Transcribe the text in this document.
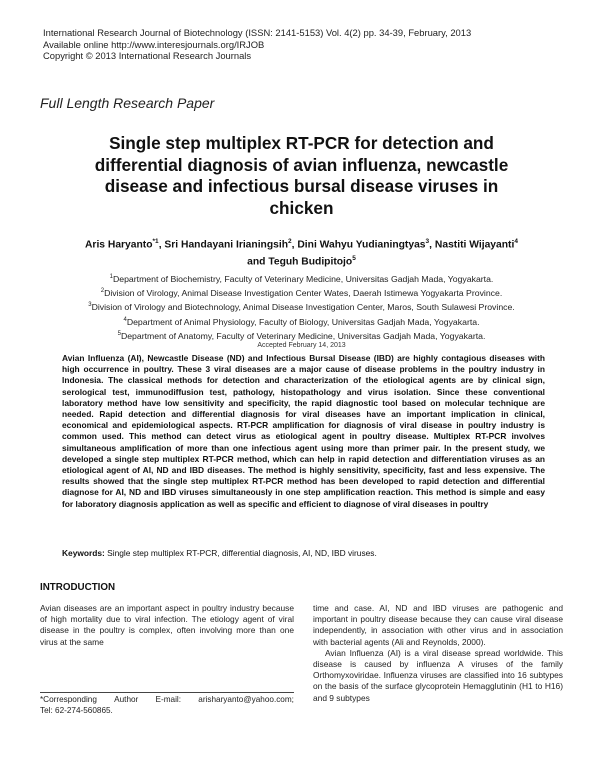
International Research Journal of Biotechnology (ISSN: 2141-5153) Vol. 4(2) pp. 34-39, February, 2013
Available online http://www.interesjournals.org/IRJOB
Copyright © 2013 International Research Journals
Full Length Research Paper
Single step multiplex RT-PCR for detection and
differential diagnosis of avian influenza, newcastle
disease and infectious bursal disease viruses in
chicken
Aris Haryanto$^{*1}$, Sri Handayani Irianingsih$^2$, Dini Wahyu Yudianingtyas$^3$, Nastiti Wijayanti$^4$
and Teguh Budipitojo$^5$
$^1$Department of Biochemistry, Faculty of Veterinary Medicine, Universitas Gadjah Mada, Yogyakarta.
$^2$Division of Virology, Animal Disease Investigation Center Wates, Daerah Istimewa Yogyakarta Province.
$^3$Division of Virology and Biotechnology, Animal Disease Investigation Center, Maros, South Sulawesi Province.
$^4$Department of Animal Physiology, Faculty of Biology, Universitas Gadjah Mada, Yogyakarta.
$^5$Department of Anatomy, Faculty of Veterinary Medicine, Universitas Gadjah Mada, Yogyakarta.
Accepted February 14, 2013
Avian Influenza (AI), Newcastle Disease (ND) and Infectious Bursal Disease (IBD) are highly contagious diseases with high occurrence in poultry. These 3 viral diseases are a major cause of disease problems in the poultry industry in Indonesia. The classical methods for detection and characterization of the etiological agents are by clinical sign, serological test, immunodiffusion test, pathology, histopathology and virus isolation. Since these conventional laboratory method have low sensitivity and specificity, the rapid diagnostic tool based on molecular technique are needed. Rapid detection and differential diagnosis for viral diseases have an important implication in clinical, economical and epidemiological aspects. RT-PCR amplification for diagnosis of viral disease in poultry industry is common used. This method can detect virus as etiological agent in poultry disease. Multiplex RT-PCR involves simultaneous amplification of more than one infectious agent using more than primer pair. In the present study, we developed a single step multiplex RT-PCR method, which can help in rapid detection and differentiation viruses as an etiological agent of AI, ND and IBD diseases. The method is highly sensitivity, specificity, fast and less expensive. The results showed that the single step multiplex RT-PCR method has been developed to rapid detection and differential diagnose for AI, ND and IBD viruses simultaneously in one step amplification reaction. This method is simple and easy for laboratory diagnosis application as well as specific and efficient to diagnose of viral diseases in poultry
Keywords: Single step multiplex RT-PCR, differential diagnosis, AI, ND, IBD viruses.
INTRODUCTION

Avian diseases are an important aspect in poultry industry because of high mortality due to viral infection. The etiology agent of viral disease in the poultry is complex, often involving more than one virus at the same

*Corresponding Author E-mail: arisharyanto@yahoo.com;
Tel: 62-274-560865.

time and case. AI, ND and IBD viruses are pathogenic and important in poultry disease because they can cause viral disease independently, in association with other virus and in association with bacterial agents (Ali and Reynolds, 2000).

Avian Influenza (AI) is a viral disease spread worldwide. This disease is caused by influenza A viruses of the family Orthomyxoviridae. Influenza viruses are classified into 16 subtypes on the basis of the surface glycoprotein Hemagglutinin (H1 to H16) and 9 subtypes
